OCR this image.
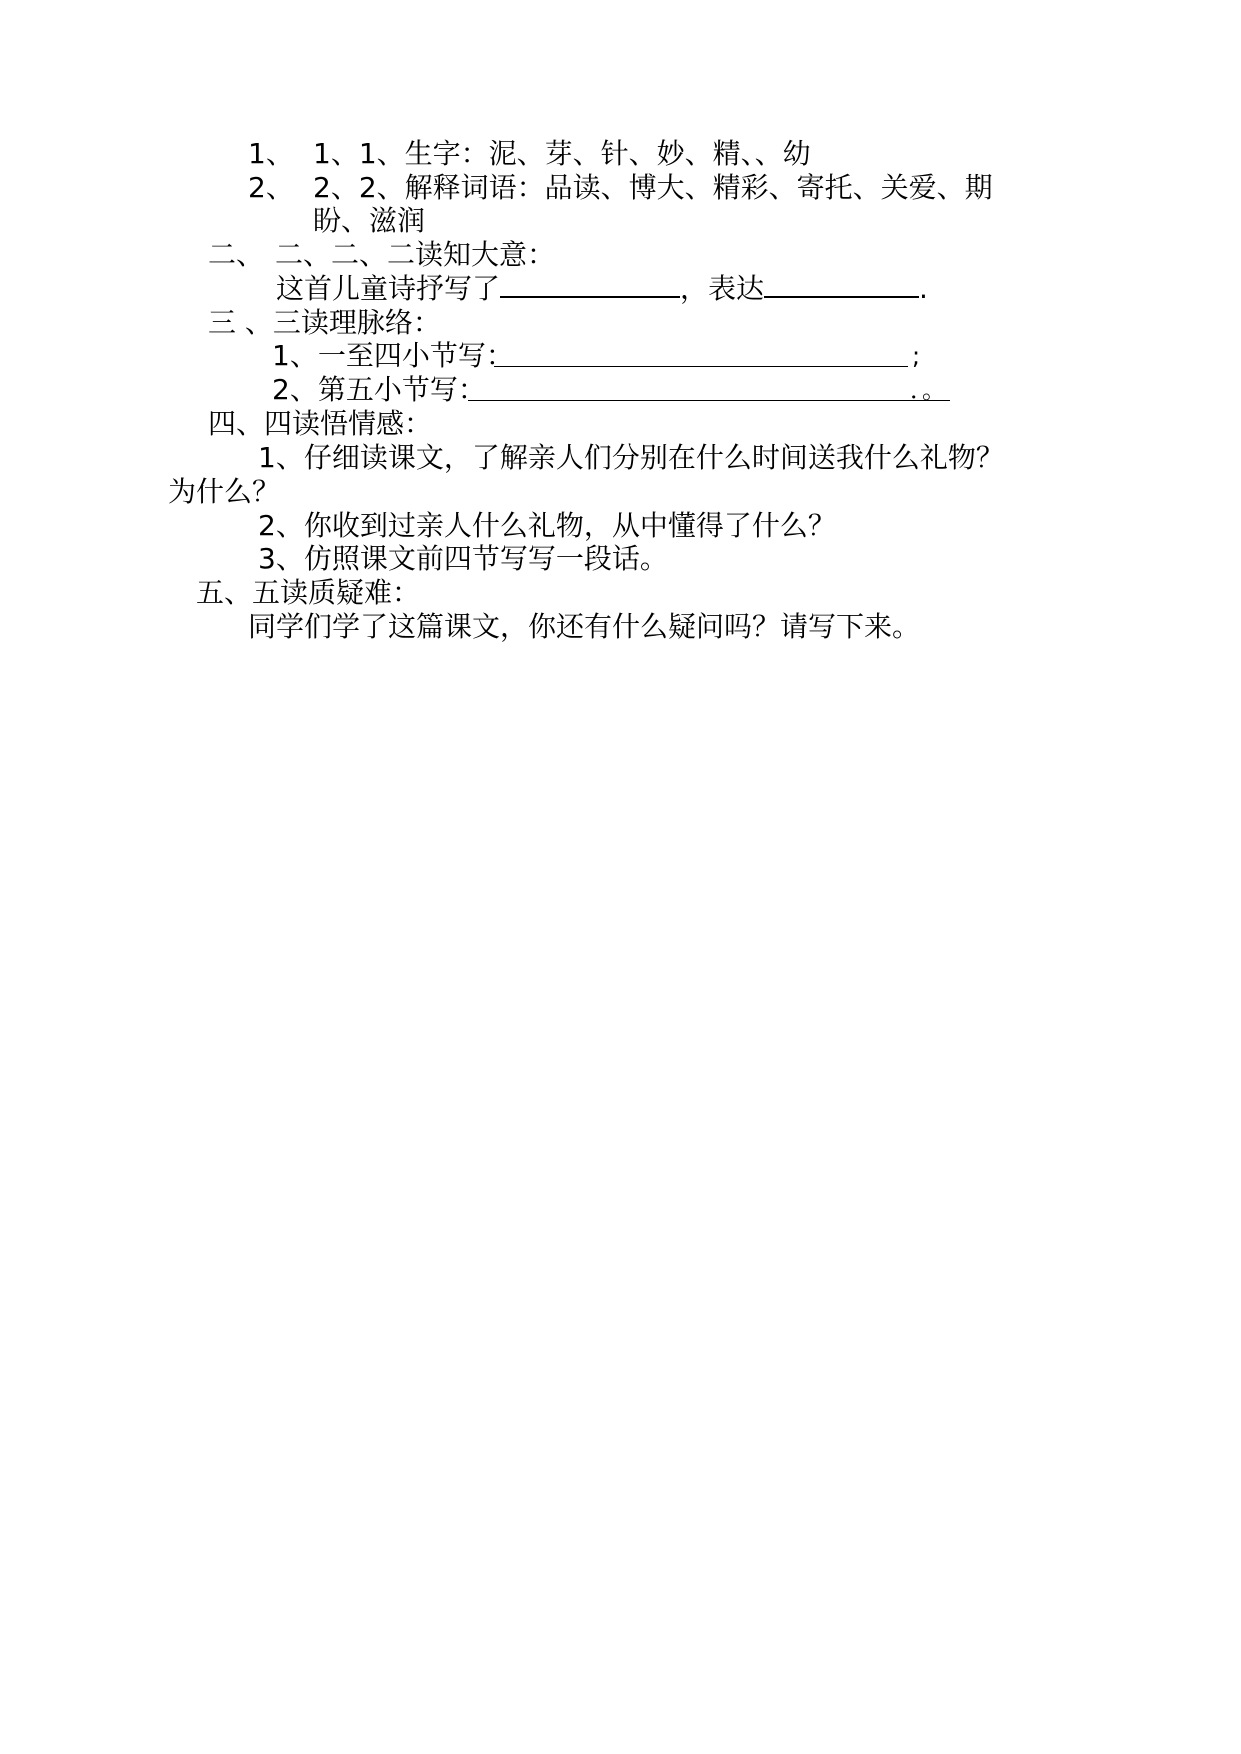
1、 1、1、生字：泥、芽、针、妙、精、、幼
2、 2、2、解释词语：品读、博大、精彩、寄托、关爱、期
盼、滋润
二、 二、二、二读知大意：
这首儿童诗抒写了	，表达	.
三 、三读理脉络：
1、一至四小节写：	;
2、第五小节写：	．。
四、四读悟情感：
1、仔细读课文，了解亲人们分别在什么时间送我什么礼物？
为什么？
2、你收到过亲人什么礼物，从中懂得了什么？
3、仿照课文前四节写写一段话。
五、五读质疑难：
同学们学了这篇课文，你还有什么疑问吗？请写下来。
